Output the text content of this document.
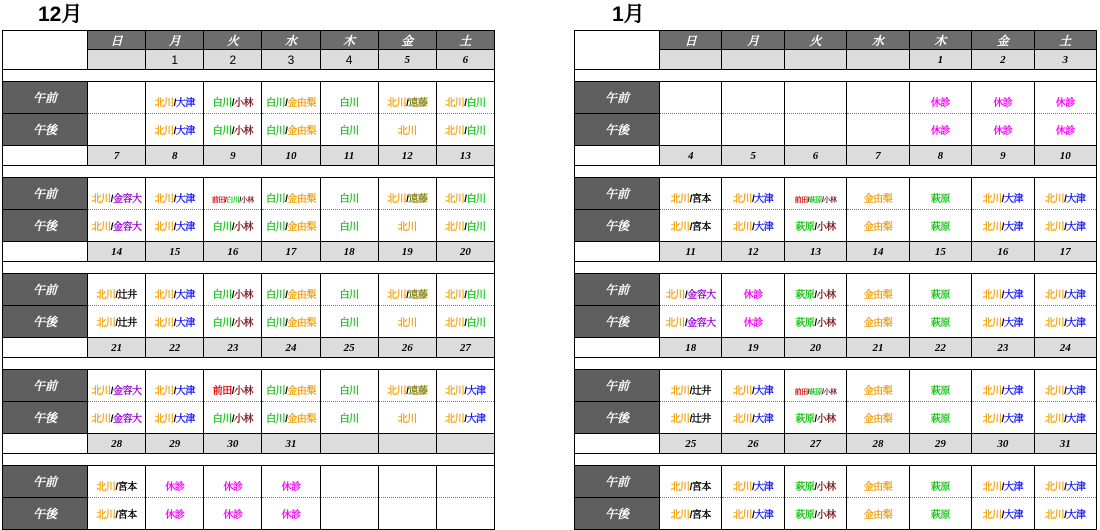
12月
	日	月	火	水	木	金	土
		1	2	3	4	5	6

午前		北川/大津	白川/小林	白川/金由梨	白川	北川/遠藤	北川/白川
午後		北川/大津	白川/小林	白川/金由梨	白川	北川	北川/白川
	7	8	9	10	11	12	13

午前	北川/金容大	北川/大津	前田/白川/小林	白川/金由梨	白川	北川/遠藤	北川/白川
午後	北川/金容大	北川/大津	白川/小林	白川/金由梨	白川	北川	北川/白川
	14	15	16	17	18	19	20

午前	北川/辻井	北川/大津	白川/小林	白川/金由梨	白川	北川/遠藤	北川/白川
午後	北川/辻井	北川/大津	白川/小林	白川/金由梨	白川	北川	北川/白川
	21	22	23	24	25	26	27

午前	北川/金容大	北川/大津	前田/小林	白川/金由梨	白川	北川/遠藤	北川/大津
午後	北川/金容大	北川/大津	白川/小林	白川/金由梨	白川	北川	北川/大津
	28	29	30	31			

午前	北川/宮本	休診	休診	休診			
午後	北川/宮本	休診	休診	休診			
1月
	日	月	火	水	木	金	土
					1	2	3

午前					休診	休診	休診
午後					休診	休診	休診
	4	5	6	7	8	9	10

午前	北川/宮本	北川/大津	前田/萩原/小林	金由梨	萩原	北川/大津	北川/大津
午後	北川/宮本	北川/大津	萩原/小林	金由梨	萩原	北川/大津	北川/大津
	11	12	13	14	15	16	17

午前	北川/金容大	休診	萩原/小林	金由梨	萩原	北川/大津	北川/大津
午後	北川/金容大	休診	萩原/小林	金由梨	萩原	北川/大津	北川/大津
	18	19	20	21	22	23	24

午前	北川/辻井	北川/大津	前田/萩原/小林	金由梨	萩原	北川/大津	北川/大津
午後	北川/辻井	北川/大津	萩原/小林	金由梨	萩原	北川/大津	北川/大津
	25	26	27	28	29	30	31

午前	北川/宮本	北川/大津	萩原/小林	金由梨	萩原	北川/大津	北川/大津
午後	北川/宮本	北川/大津	萩原/小林	金由梨	萩原	北川/大津	北川/大津
